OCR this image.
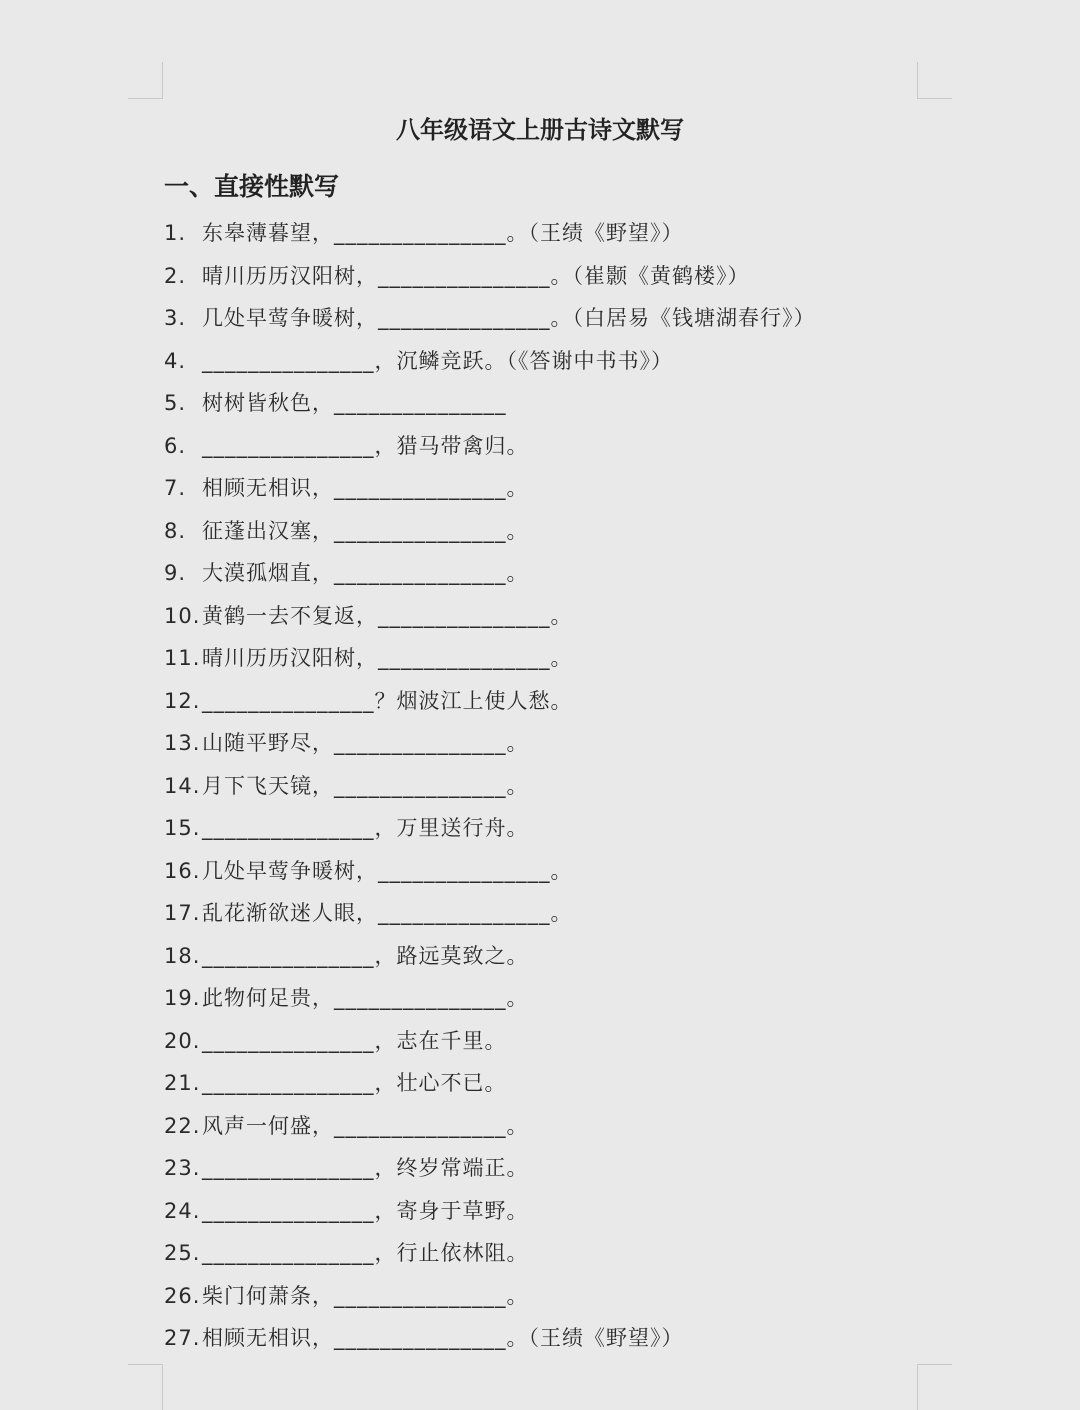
八年级语文上册古诗文默写
一、直接性默写
1. 东皋薄暮望，_______________。（王绩《野望》）
2. 晴川历历汉阳树，_______________。（崔颢《黄鹤楼》）
3. 几处早莺争暖树，_______________。（白居易《钱塘湖春行》）
4. _______________，沉鳞竞跃。（《答谢中书书》）
5. 树树皆秋色，_______________
6. _______________，猎马带禽归。
7. 相顾无相识，_______________。
8. 征蓬出汉塞，_______________。
9. 大漠孤烟直，_______________。
10. 黄鹤一去不复返，_______________。
11. 晴川历历汉阳树，_______________。
12. _______________？烟波江上使人愁。
13. 山随平野尽，_______________。
14. 月下飞天镜，_______________。
15. _______________，万里送行舟。
16. 几处早莺争暖树，_______________。
17. 乱花渐欲迷人眼，_______________。
18. _______________，路远莫致之。
19. 此物何足贵，_______________。
20. _______________，志在千里。
21. _______________，壮心不已。
22. 风声一何盛，_______________。
23. _______________，终岁常端正。
24. _______________，寄身于草野。
25. _______________，行止依林阻。
26. 柴门何萧条，_______________。
27. 相顾无相识，_______________。（王绩《野望》）
